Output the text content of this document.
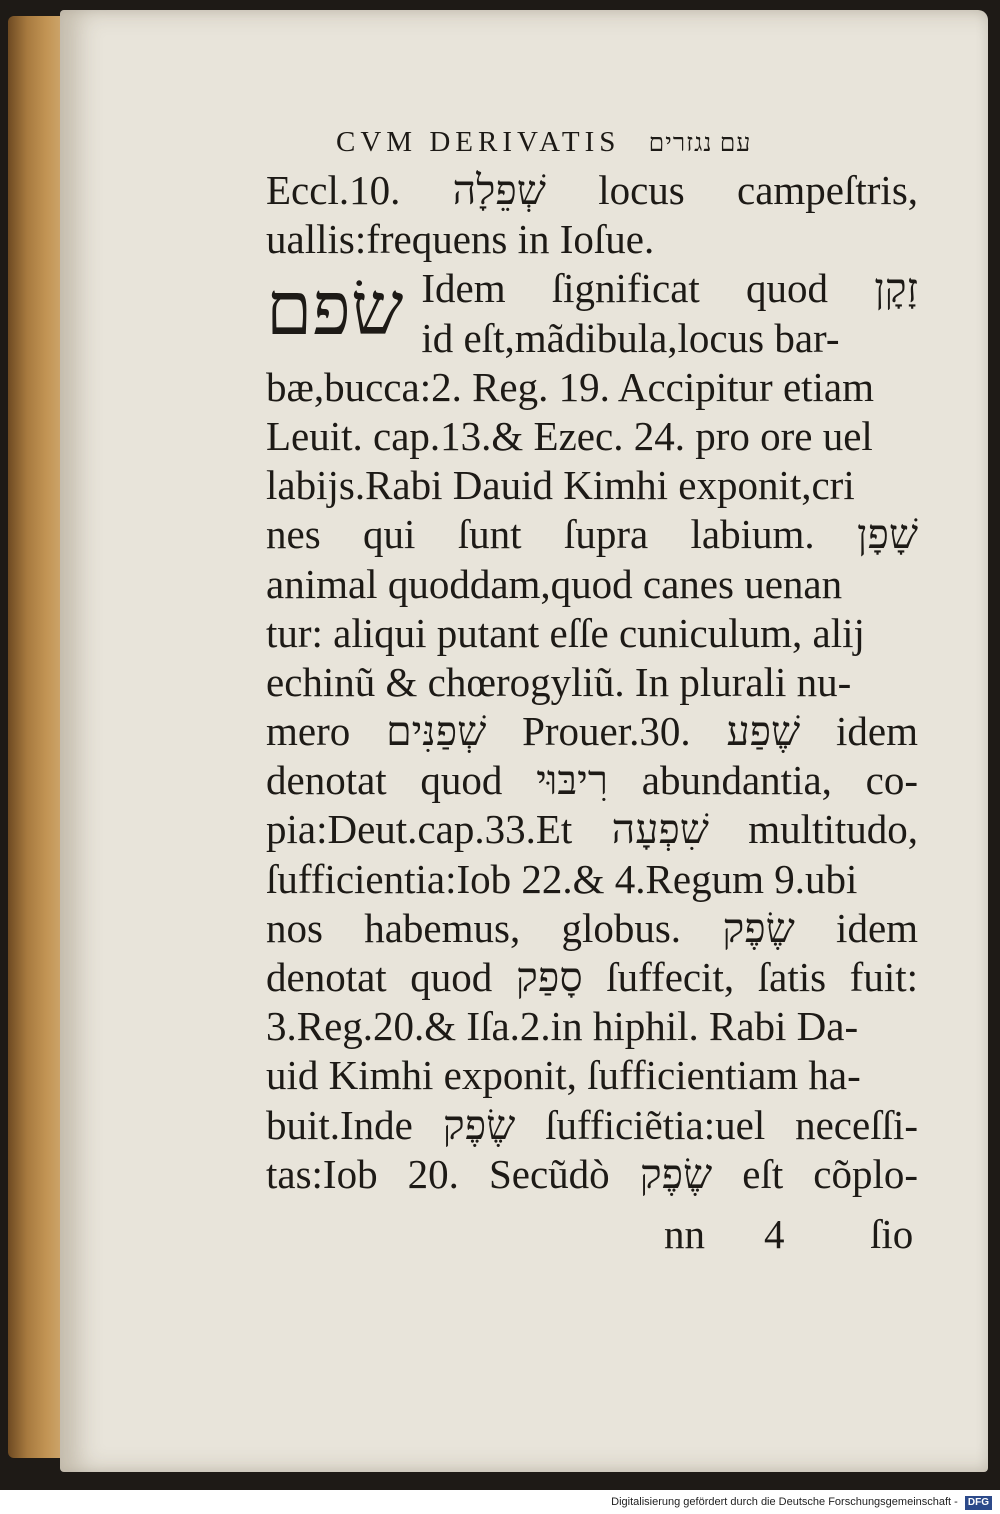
CVM DERIVATIS עם נגזרים
Eccl.10. שְׁפֵלָה locus campeſtris,
uallis:frequens in Ioſue.
שׂפם Idem ſignificat quod זָקָן
id eſt,mãdibula,locus bar-
bæ,bucca:2. Reg. 19. Accipitur etiam
Leuit. cap.13.& Ezec. 24. pro ore uel
labijs.Rabi Dauid Kimhi exponit,cri
nes qui ſunt ſupra labium. שָׁפָן
animal quoddam,quod canes uenan
tur: aliqui putant eſſe cuniculum, alij
echinũ & chœrogyliũ. In plurali nu-
mero שְׁפַנִּים Prouer.30. שֶׁפַע idem
denotat quod רִיבּוּי abundantia, co-
pia:Deut.cap.33.Et שִׁפְעָה multitudo,
ſufficientia:Iob 22.& 4.Regum 9.ubi
nos habemus, globus. שֶׂפֶק idem
denotat quod סָפַק ſuffecit, ſatis fuit:
3.Reg.20.& Iſa.2.in hiphil. Rabi Da-
uid Kimhi exponit, ſufficientiam ha-
buit.Inde שֶׂפֶק ſufficiẽtia:uel neceſſi-
tas:Iob 20. Secũdò שֶׂפֶק eſt cõplo-
nn 4 ſio
Digitalisierung gefördert durch die Deutsche Forschungsgemeinschaft - DFG
